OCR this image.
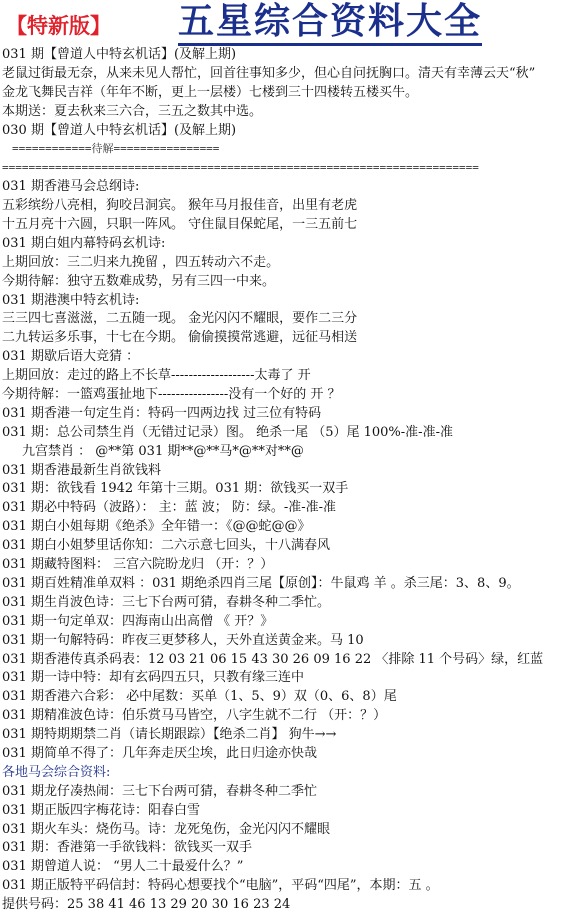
【特新版】 五星综合资料大全
031 期【曾道人中特玄机话】(及解上期)
老鼠过街最无奈，从来未见人帮忙，回首往事知多少，但心自问抚胸口。清天有幸薄云天“秋”
金龙飞舞民吉祥（年年不断，更上一层楼）七楼到三十四楼转五楼买牛。
本期送：夏去秋来三六合，三五之数其中选。
030 期【曾道人中特玄机话】(及解上期)
============待解================
========================================================================
031 期香港马会总纲诗:
五彩缤纷八亮相，狗咬吕洞宾。 猴年马月报佳音，出里有老虎
十五月亮十六圆，只职一阵风。 守住鼠目保蛇尾，一三五前七
031 期白姐内幕特码玄机诗:
上期回放：三二归来九挽留 ，四五转动六不走。
今期待解：独守五数难成势，另有三四一中来。
031 期港澳中特玄机诗:
三三四七喜滋滋，二五随一现。 金光闪闪不耀眼，要作二三分
二九转运多乐事，十七在今期。 偷偷摸摸常逃避，远征马相送
031 期歇后语大竞猜 ：
上期回放：走过的路上不长草-------------------太毒了 开
今期待解：一篮鸡蛋扯地下----------------没有一个好的 开 ？
031 期香港一句定生肖：特码一四两边找 过三位有特码
031 期：总公司禁生肖（无错过记录）图。 绝杀一尾 （5）尾 100%-准-准-准
九宫禁肖 ： @**第 031 期**@**马*@**对**@
031 期香港最新生肖欲钱料
031 期：欲钱看 1942 年第十三期。031 期：欲钱买一双手
031 期必中特码（波路）： 主：蓝 波； 防：绿。-准-准-准
031 期白小姐每期《绝杀》全年错一：《@@蛇@@》
031 期白小姐梦里话你知：二六示意七回头，十八满春风
031 期藏特图料： 三宫六院盼龙归 （开：？）
031 期百姓精准单双料 ：031 期绝杀四肖三尾【原创】：牛鼠鸡 羊 。杀三尾：3、8、9。
031 期生肖波色诗：三七下台两可猜，春耕冬种二季忙。
031 期一句定单双：四海南山出高僧 《 开？》
031 期一句解特码：昨夜三更梦移人，天外直送黄金来。马 10
031 期香港传真杀码表：12 03 21 06 15 43 30 26 09 16 22 〈排除 11 个号码〉绿，红蓝
031 期一诗中特：却有玄码四五只，只教有缘三连中
031 期香港六合彩： 必中尾数：买单（1、5、9）双（0、6、8）尾
031 期精准波色诗：伯乐赏马马皆空，八字生就不二行 （开：？）
031 期特期期禁二肖（请长期跟踪）【绝杀二肖】 狗牛→→
031 期简单不得了：几年奔走厌尘埃，此日归途亦快哉
各地马会综合资料:
031 期龙仔凑热闹：三七下台两可猜，春耕冬种二季忙
031 期正版四字梅花诗：阳春白雪
031 期火车头：烧伤马。诗：龙死兔伤，金光闪闪不耀眼
031 期：香港第一手欲钱料：欲钱买一双手
031 期曾道人说： “男人二十最爱什么？”
031 期正版特平码信封：特码心想要找个“电脑”，平码“四尾”，本期：五 。
提供号码：25 38 41 46 13 29 20 30 16 23 24
